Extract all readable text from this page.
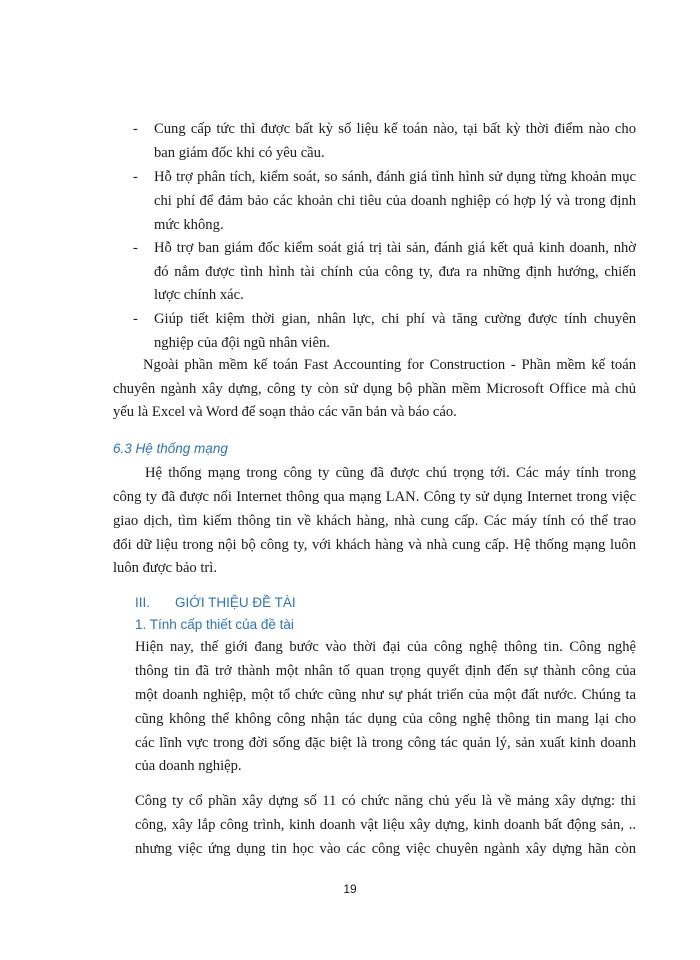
- Cung cấp tức thì được bất kỳ số liệu kế toán nào, tại bất kỳ thời điểm nào cho
ban giám đốc khi có yêu cầu.
- Hỗ trợ phân tích, kiểm soát, so sánh, đánh giá tình hình sử dụng từng khoản mục
chi phí để đảm bảo các khoản chi tiêu của doanh nghiệp có hợp lý và trong định
mức không.
- Hỗ trợ ban giám đốc kiểm soát giá trị tài sản, đánh giá kết quả kinh doanh, nhờ
đó nắm được tình hình tài chính của công ty, đưa ra những định hướng, chiến
lược chính xác.
- Giúp tiết kiệm thời gian, nhân lực, chi phí và tăng cường được tính chuyên
nghiệp của đội ngũ nhân viên.
Ngoài phần mềm kế toán Fast Accounting for Construction - Phần mềm kế toán
chuyên ngành xây dựng, công ty còn sử dụng bộ phần mềm Microsoft Office mà chủ
yếu là Excel và Word để soạn thảo các văn bản và báo cáo.
6.3 Hệ thống mạng
Hệ thống mạng trong công ty cũng đã được chú trọng tới. Các máy tính trong
công ty đã được nối Internet thông qua mạng LAN. Công ty sử dụng Internet trong việc
giao dịch, tìm kiếm thông tin về khách hàng, nhà cung cấp. Các máy tính có thể trao
đổi dữ liệu trong nội bộ công ty, với khách hàng và nhà cung cấp. Hệ thống mạng luôn
luôn được bảo trì.
III. GIỚI THIỆU ĐỀ TÀI
1. Tính cấp thiết của đề tài
Hiện nay, thế giới đang bước vào thời đại của công nghệ thông tin. Công nghệ
thông tin đã trở thành một nhân tố quan trọng quyết định đến sự thành công của
một doanh nghiệp, một tổ chức cũng như sự phát triển của một đất nước. Chúng ta
cũng không thể không công nhận tác dụng của công nghệ thông tin mang lại cho
các lĩnh vực trong đời sống đặc biệt là trong công tác quản lý, sản xuất kinh doanh
của doanh nghiệp.
Công ty cổ phần xây dựng số 11 có chức năng chủ yếu là về mảng xây dựng: thi
công, xây lắp công trình, kinh doanh vật liệu xây dựng, kinh doanh bất động sản, ..
nhưng việc ứng dụng tin học vào các công việc chuyên ngành xây dựng hãn còn
19
